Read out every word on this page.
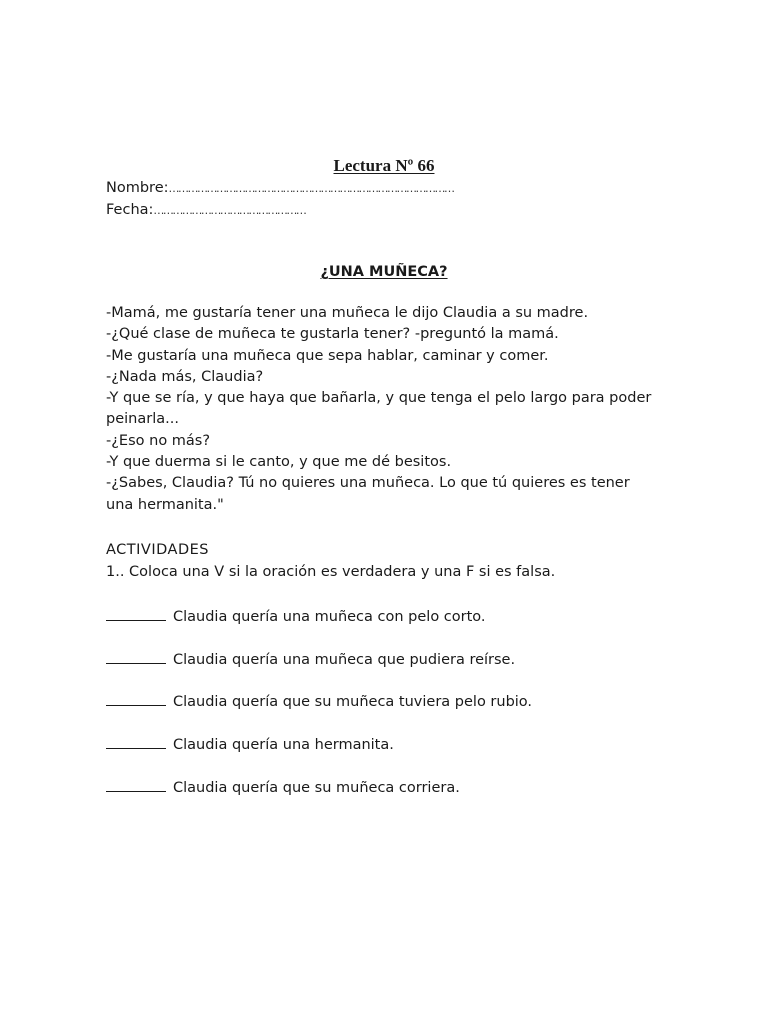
Lectura Nº 66
Nombre:………………………………………………………………………………
Fecha:…………………………………………
¿UNA MUÑECA?
-Mamá, me gustaría tener una muñeca le dijo Claudia a su madre.
-¿Qué clase de muñeca te gustarla tener? -preguntó la mamá.
-Me gustaría una muñeca que sepa hablar, caminar y comer.
-¿Nada más, Claudia?
-Y que se ría, y que haya que bañarla, y que tenga el pelo largo para poder
peinarla...
-¿Eso no más?
-Y que duerma si le canto, y que me dé besitos.
-¿Sabes, Claudia? Tú no quieres una muñeca. Lo que tú quieres es tener
una hermanita."
ACTIVIDADES
1.. Coloca una V si la oración es verdadera y una F si es falsa.
Claudia quería una muñeca con pelo corto.
Claudia quería una muñeca que pudiera reírse.
Claudia quería que su muñeca tuviera pelo rubio.
Claudia quería una hermanita.
Claudia quería que su muñeca corriera.
